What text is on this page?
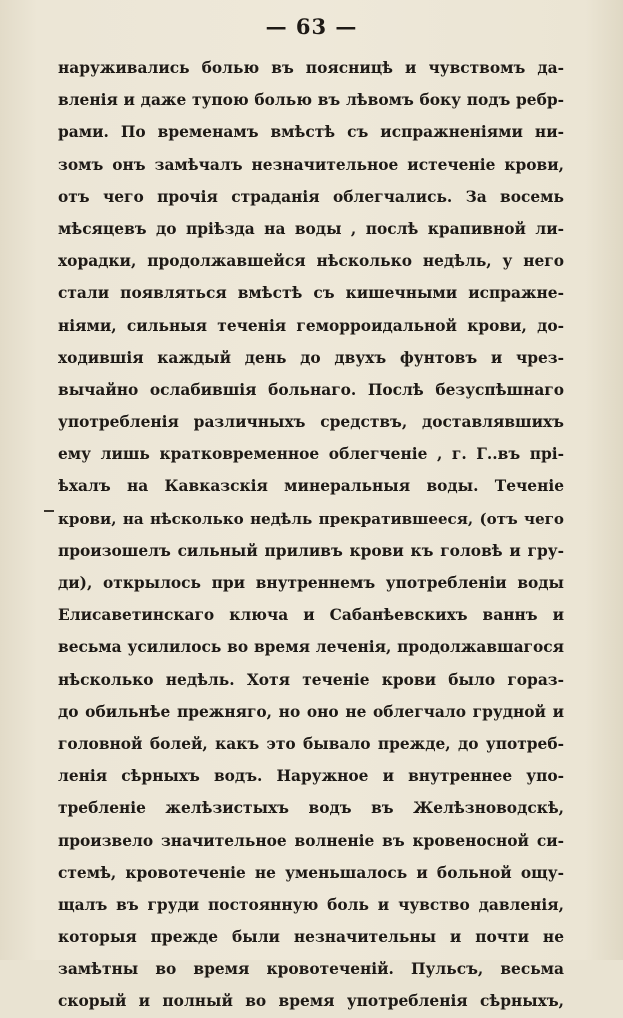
— 63 —
наруживались болью въ поясницѣ и чувствомъ да-
вленія и даже тупою болью въ лѣвомъ боку подъ ребр-
рами. По временамъ вмѣстѣ съ испражненіями ни-
зомъ онъ замѣчалъ незначительное истеченіе крови,
отъ чего прочія страданія облегчались. За восемь
мѣсяцевъ до пріѣзда на воды , послѣ крапивной ли-
хорадки, продолжавшейся нѣсколько недѣль, у него
стали появляться вмѣстѣ съ кишечными испражне-
ніями, сильныя теченія геморроидальной крови, до-
ходившія каждый день до двухъ фунтовъ и чрез-
вычайно ослабившія больнаго. Послѣ безуспѣшнаго
употребленія различныхъ средствъ, доставлявшихъ
ему лишь кратковременное облегченіе , г. Г..въ прі-
ѣхалъ на Кавказскія минеральныя воды. Теченіе
крови, на нѣсколько недѣль прекратившееся, (отъ чего
произошелъ сильный приливъ крови къ головѣ и гру-
ди), открылось при внутреннемъ употребленіи воды
Елисаветинскаго ключа и Сабанѣевскихъ ваннъ и
весьма усилилось во время леченія, продолжавшагося
нѣсколько недѣль. Хотя теченіе крови было гораз-
до обильнѣе прежняго, но оно не облегчало грудной и
головной болей, какъ это бывало прежде, до употреб-
ленія сѣрныхъ водъ. Наружное и внутреннее упо-
требленіе желѣзистыхъ водъ въ Желѣзноводскѣ,
произвело значительное волненіе въ кровеносной си-
стемѣ, кровотеченіе не уменьшалось и больной ощу-
щалъ въ груди постоянную боль и чувство давленія,
которыя прежде были незначительны и почти не
замѣтны во время кровотеченій. Пульсъ, весьма
скорый и полный во время употребленія сѣрныхъ,
